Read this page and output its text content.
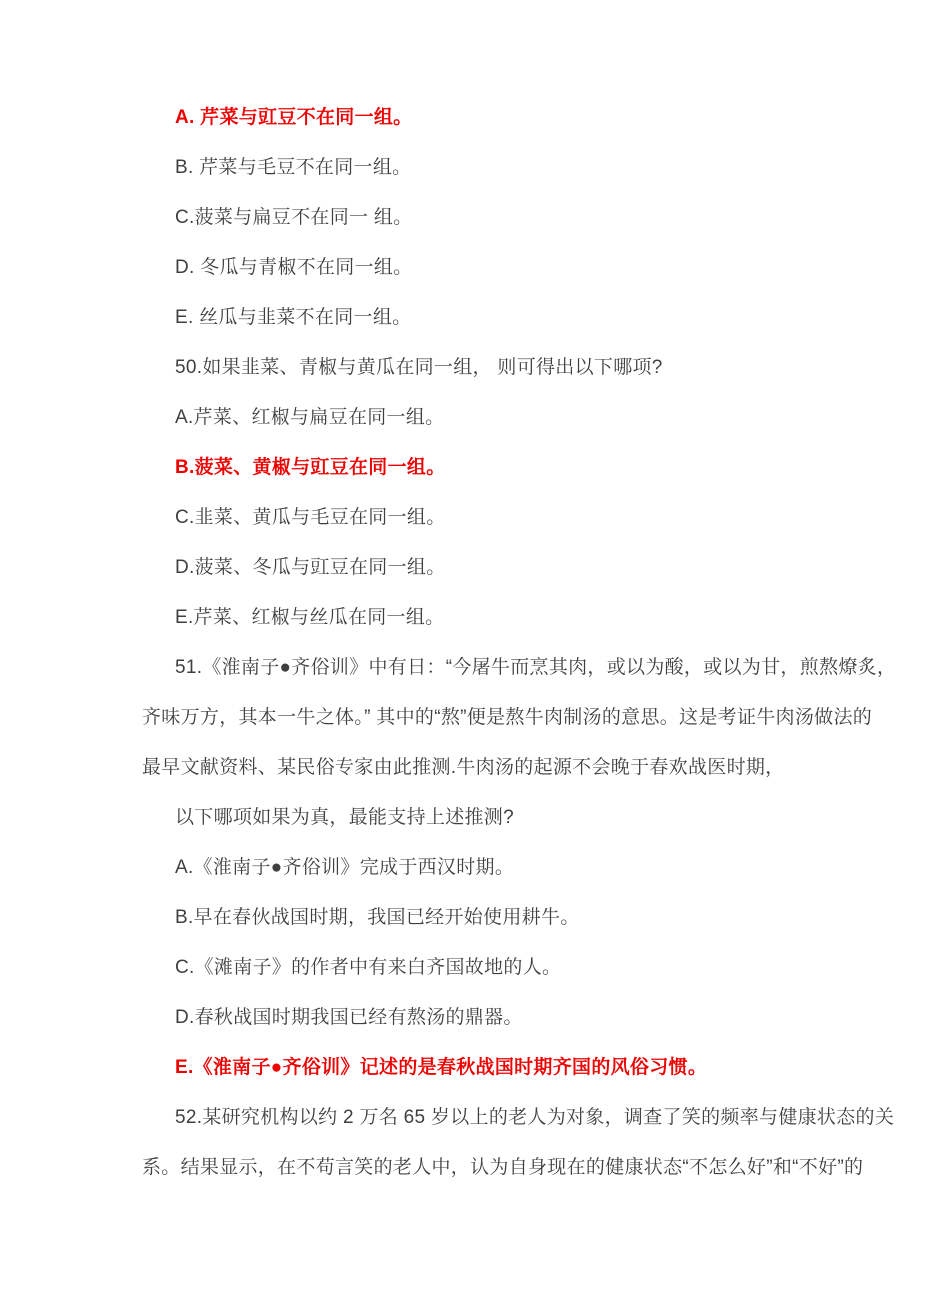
A. 芹菜与豇豆不在同一组。
B. 芹菜与毛豆不在同一组。
C.菠菜与扁豆不在同一 组。
D. 冬瓜与青椒不在同一组。
E. 丝瓜与韭菜不在同一组。
50.如果韭菜、青椒与黄瓜在同一组， 则可得出以下哪项?
A.芹菜、红椒与扁豆在同一组。
B.菠菜、黄椒与豇豆在同一组。
C.韭菜、黄瓜与毛豆在同一组。
D.菠菜、冬瓜与豇豆在同一组。
E.芹菜、红椒与丝瓜在同一组。
51.《淮南子●齐俗训》中有日：“今屠牛而烹其肉，或以为酸，或以为甘，煎熬燎炙，
齐味万方，其本一牛之体。” 其中的“熬”便是熬牛肉制汤的意思。这是考证牛肉汤做法的
最早文献资料、某民俗专家由此推测.牛肉汤的起源不会晚于春欢战医时期，
以下哪项如果为真，最能支持上述推测?
A.《淮南子●齐俗训》完成于西汉时期。
B.早在春伙战国时期，我国已经开始使用耕牛。
C.《滩南子》的作者中有来白齐国故地的人。
D.春秋战国时期我国已经有熬汤的鼎器。
E.《淮南子●齐俗训》记述的是春秋战国时期齐国的风俗习惯。
52.某研究机构以约 2 万名 65 岁以上的老人为对象，调查了笑的频率与健康状态的关
系。结果显示，在不苟言笑的老人中，认为自身现在的健康状态“不怎么好”和“不好”的
